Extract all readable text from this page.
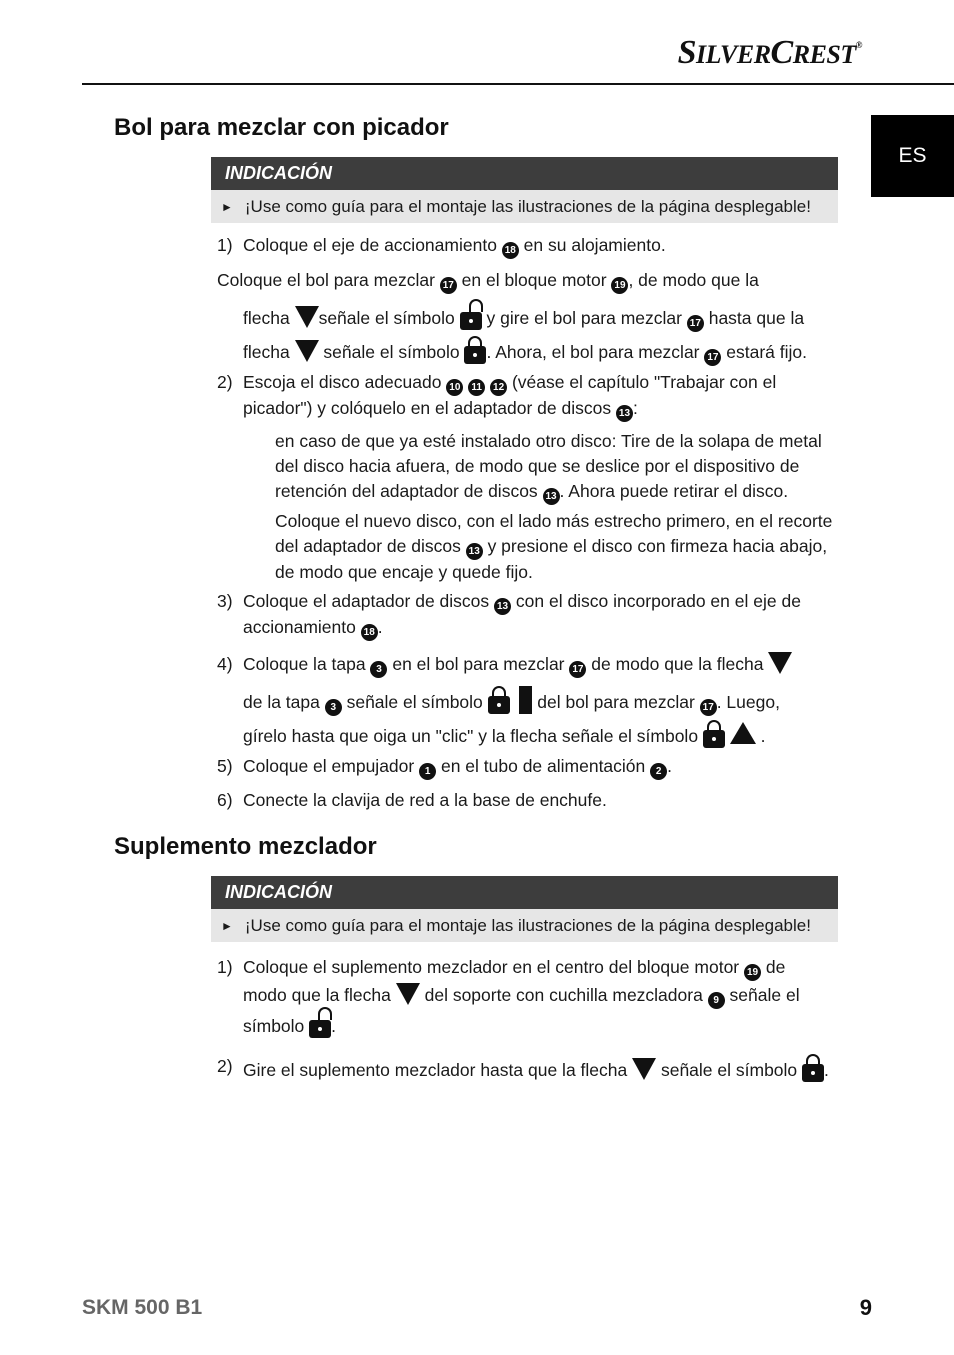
SILVERCREST®
ES
Bol para mezclar con picador
INDICACIÓN
► ¡Use como guía para el montaje las ilustraciones de la página desplegable!
1) Coloque el eje de accionamiento 18 en su alojamiento.
Coloque el bol para mezclar 17 en el bloque motor 19 , de modo que la
flecha señale el símbolo
y gire el bol para mezclar 17 hasta que la
flecha  señale el símbolo
. Ahora, el bol para mezclar 17 estará fijo.
2) Escoja el disco adecuado 10 11 12 (véase el capítulo "Trabajar con el
picador") y colóquelo en el adaptador de discos 13 :
en caso de que ya esté instalado otro disco: Tire de la solapa de metal
del disco hacia afuera, de modo que se deslice por el dispositivo de
retención del adaptador de discos 13 . Ahora puede retirar el disco.
Coloque el nuevo disco, con el lado más estrecho primero, en el recorte
del adaptador de discos 13 y presione el disco con firmeza hacia abajo,
de modo que encaje y quede fijo.
3) Coloque el adaptador de discos 13 con el disco incorporado en el eje de
accionamiento 18 .
4) Coloque la tapa 3 en el bol para mezclar 17 de modo que la flecha
de la tapa 3 señale el símbolo	del bol para mezclar 17 . Luego,
gírelo hasta que oiga un "clic" y la flecha señale el símbolo	.
5) Coloque el empujador 1 en el tubo de alimentación 2 .
6) Conecte la clavija de red a la base de enchufe.
Suplemento mezclador
INDICACIÓN
► ¡Use como guía para el montaje las ilustraciones de la página desplegable!
1) Coloque el suplemento mezclador en el centro del bloque motor 19 de
modo que la flecha  del soporte con cuchilla mezcladora 9 señale el
símbolo
.
2) Gire el suplemento mezclador hasta que la flecha  señale el símbolo
.
SKM 500 B1	9
